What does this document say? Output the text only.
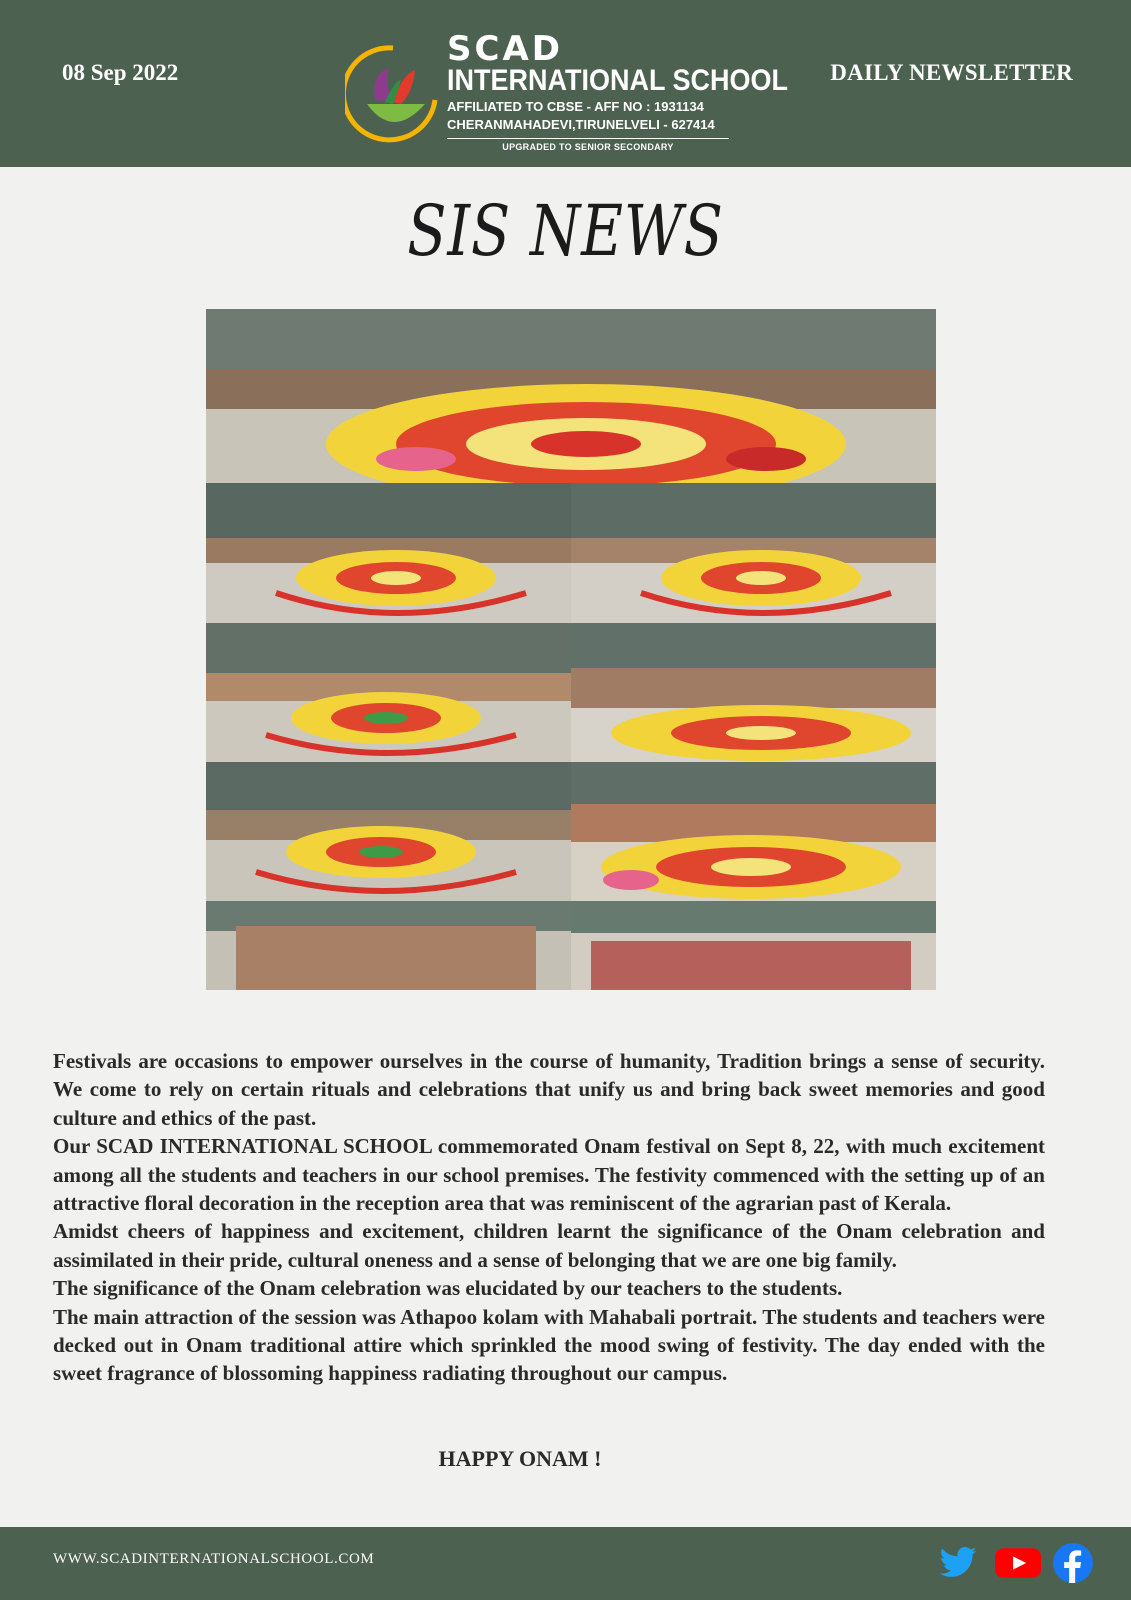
08 Sep 2022
SCAD
INTERNATIONAL SCHOOL
AFFILIATED TO CBSE - AFF NO : 1931134
CHERANMAHADEVI,TIRUNELVELI - 627414
UPGRADED TO SENIOR SECONDARY
DAILY NEWSLETTER
SIS NEWS

Festivals are occasions to empower ourselves in the course of humanity, Tradition brings a sense of security. We come to rely on certain rituals and celebrations that unify us and bring back sweet memories and good culture and ethics of the past.

Our SCAD INTERNATIONAL SCHOOL commemorated Onam festival on Sept 8, 22, with much excitement among all the students and teachers in our school premises. The festivity commenced with the setting up of an attractive floral decoration in the reception area that was reminiscent of the agrarian past of Kerala.

Amidst cheers of happiness and excitement, children learnt the significance of the Onam celebration and assimilated in their pride, cultural oneness and a sense of belonging that we are one big family.

The significance of the Onam celebration was elucidated by our teachers to the students.

The main attraction of the session was Athapoo kolam with Mahabali portrait. The students and teachers were decked out in Onam traditional attire which sprinkled the mood swing of festivity. The day ended with the sweet fragrance of blossoming happiness radiating throughout our campus.

HAPPY ONAM !
WWW.SCADINTERNATIONALSCHOOL.COM
